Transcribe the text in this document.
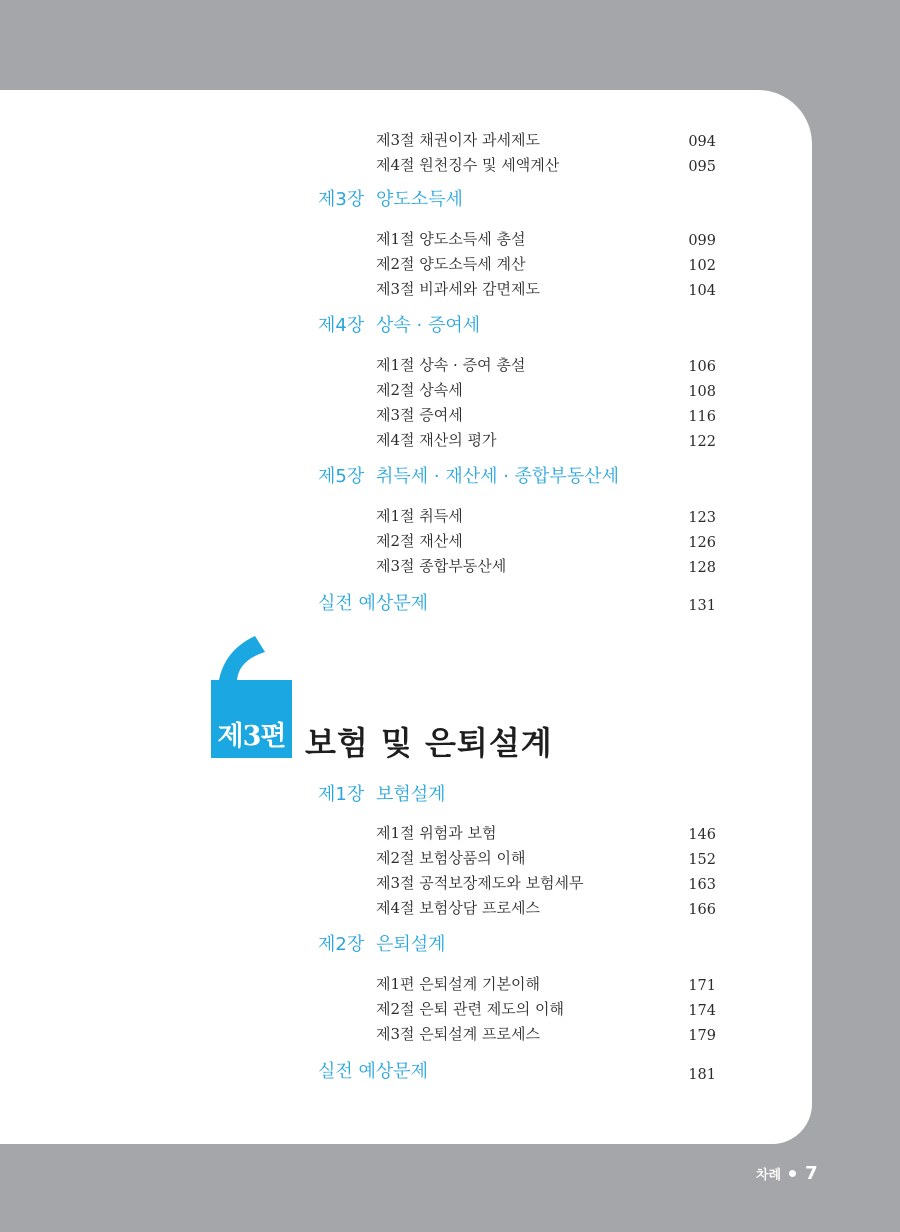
제3절 채권이자 과세제도	094
제4절 원천징수 및 세액계산	095
제3장 양도소득세
제1절 양도소득세 총설	099
제2절 양도소득세 계산	102
제3절 비과세와 감면제도	104
제4장 상속 · 증여세
제1절 상속 · 증여 총설	106
제2절 상속세	108
제3절 증여세	116
제4절 재산의 평가	122
제5장 취득세 · 재산세 · 종합부동산세
제1절 취득세	123
제2절 재산세	126
제3절 종합부동산세	128
실전 예상문제	131
제3편 보험 및 은퇴설계
제1장 보험설계
제1절 위험과 보험	146
제2절 보험상품의 이해	152
제3절 공적보장제도와 보험세무	163
제4절 보험상담 프로세스	166
제2장 은퇴설계
제1편 은퇴설계 기본이해	171
제2절 은퇴 관련 제도의 이해	174
제3절 은퇴설계 프로세스	179
실전 예상문제	181
차례 7
